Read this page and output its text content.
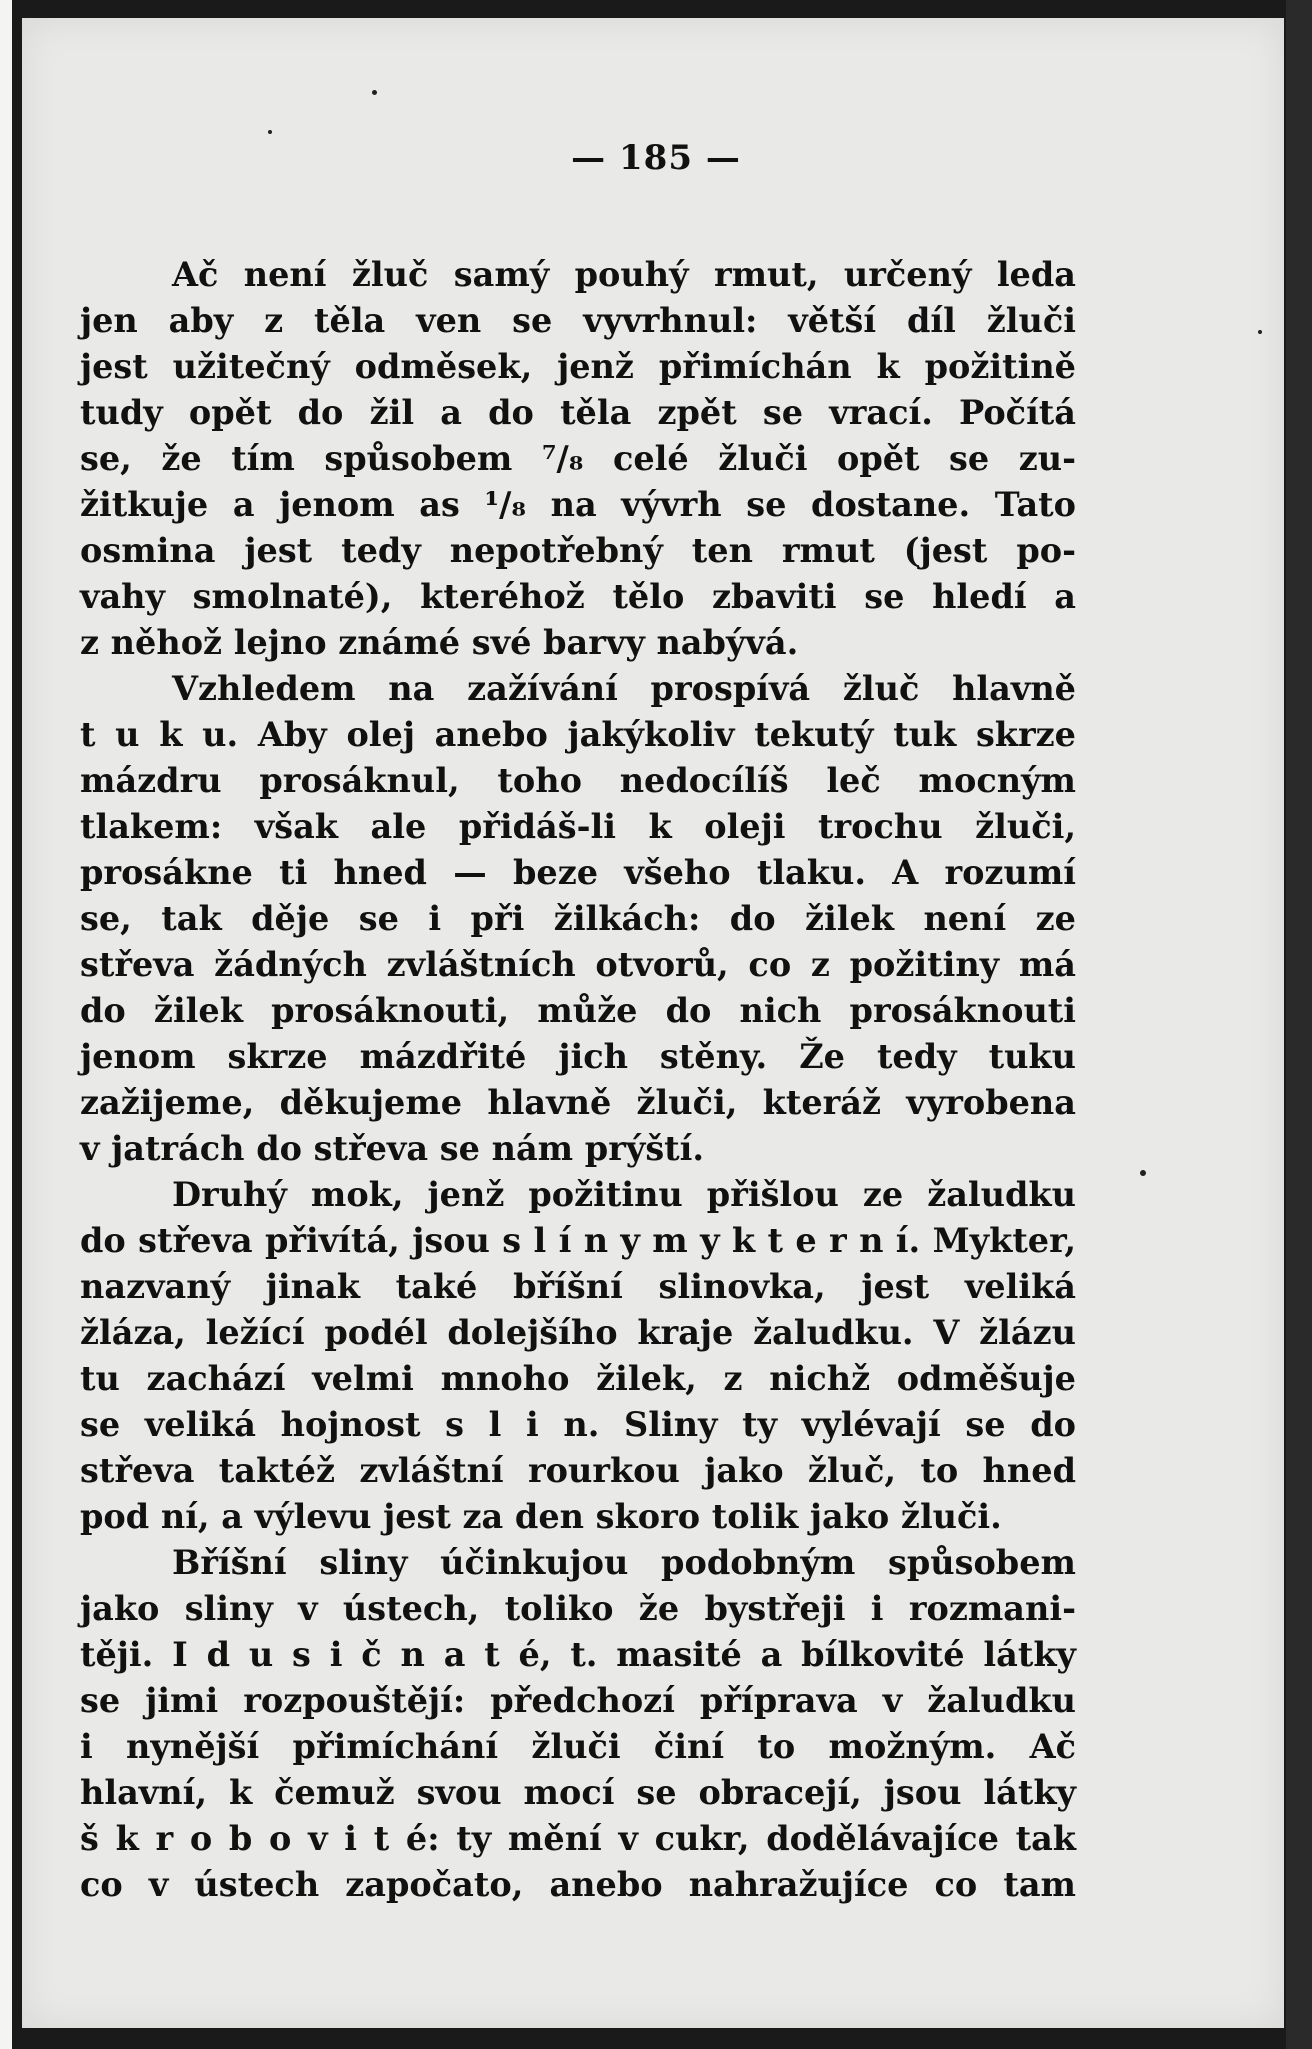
— 185 —
Ač není žluč samý pouhý rmut, určený leda
jen aby z těla ven se vyvrhnul: větší díl žluči
jest užitečný odměsek, jenž přimíchán k požitině
tudy opět do žil a do těla zpět se vrací. Počítá
se, že tím spůsobem ⁷/₈ celé žluči opět se zu-
žitkuje a jenom as ¹/₈ na vývrh se dostane. Tato
osmina jest tedy nepotřebný ten rmut (jest po-
vahy smolnaté), kteréhož tělo zbaviti se hledí a
z něhož lejno známé své barvy nabývá.
Vzhledem na zažívání prospívá žluč hlavně
t u k u. Aby olej anebo jakýkoliv tekutý tuk skrze
mázdru prosáknul, toho nedocílíš leč mocným
tlakem: však ale přidáš-li k oleji trochu žluči,
prosákne ti hned — beze všeho tlaku. A rozumí
se, tak děje se i při žilkách: do žilek není ze
střeva žádných zvláštních otvorů, co z požitiny má
do žilek prosáknouti, může do nich prosáknouti
jenom skrze mázdřité jich stěny. Že tedy tuku
zažijeme, děkujeme hlavně žluči, kteráž vyrobena
v jatrách do střeva se nám prýští.
Druhý mok, jenž požitinu přišlou ze žaludku
do střeva přivítá, jsou s l í n y m y k t e r n í. Mykter,
nazvaný jinak také bříšní slinovka, jest veliká
žláza, ležící podél dolejšího kraje žaludku. V žlázu
tu zachází velmi mnoho žilek, z nichž odměšuje
se veliká hojnost s l i n. Sliny ty vylévají se do
střeva taktéž zvláštní rourkou jako žluč, to hned
pod ní, a výlevu jest za den skoro tolik jako žluči.
Bříšní sliny účinkujou podobným spůsobem
jako sliny v ústech, toliko že bystřeji i rozmani-
těji. I d u s i č n a t é, t. masité a bílkovité látky
se jimi rozpouštějí: předchozí příprava v žaludku
i nynější přimíchání žluči činí to možným. Ač
hlavní, k čemuž svou mocí se obracejí, jsou látky
š k r o b o v i t é: ty mění v cukr, dodělávajíce tak
co v ústech započato, anebo nahražujíce co tam
